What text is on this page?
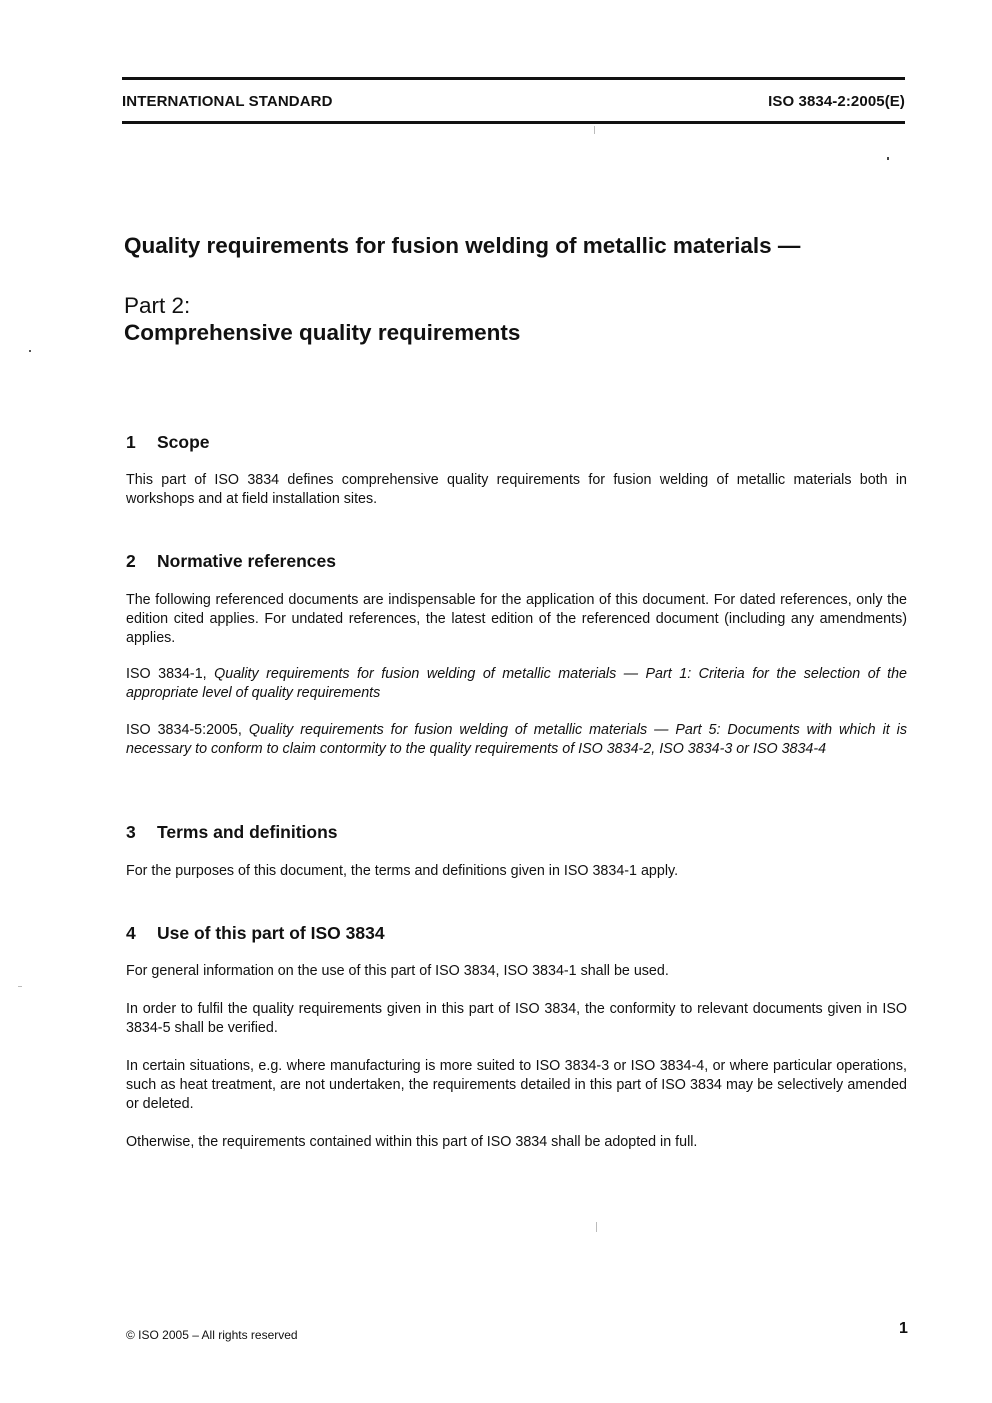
INTERNATIONAL STANDARD	ISO 3834-2:2005(E)
Quality requirements for fusion welding of metallic materials —
Part 2:
Comprehensive quality requirements
1 Scope
This part of ISO 3834 defines comprehensive quality requirements for fusion welding of metallic materials both in workshops and at field installation sites.
2 Normative references
The following referenced documents are indispensable for the application of this document. For dated references, only the edition cited applies. For undated references, the latest edition of the referenced document (including any amendments) applies.
ISO 3834-1, Quality requirements for fusion welding of metallic materials — Part 1: Criteria for the selection of the appropriate level of quality requirements
ISO 3834-5:2005, Quality requirements for fusion welding of metallic materials — Part 5: Documents with which it is necessary to conform to claim contormity to the quality requirements of ISO 3834-2, ISO 3834-3 or ISO 3834-4
3 Terms and definitions
For the purposes of this document, the terms and definitions given in ISO 3834-1 apply.
4 Use of this part of ISO 3834
For general information on the use of this part of ISO 3834, ISO 3834-1 shall be used.
In order to fulfil the quality requirements given in this part of ISO 3834, the conformity to relevant documents given in ISO 3834-5 shall be verified.
In certain situations, e.g. where manufacturing is more suited to ISO 3834-3 or ISO 3834-4, or where particular operations, such as heat treatment, are not undertaken, the requirements detailed in this part of ISO 3834 may be selectively amended or deleted.
Otherwise, the requirements contained within this part of ISO 3834 shall be adopted in full.
© ISO 2005 – All rights reserved	1
